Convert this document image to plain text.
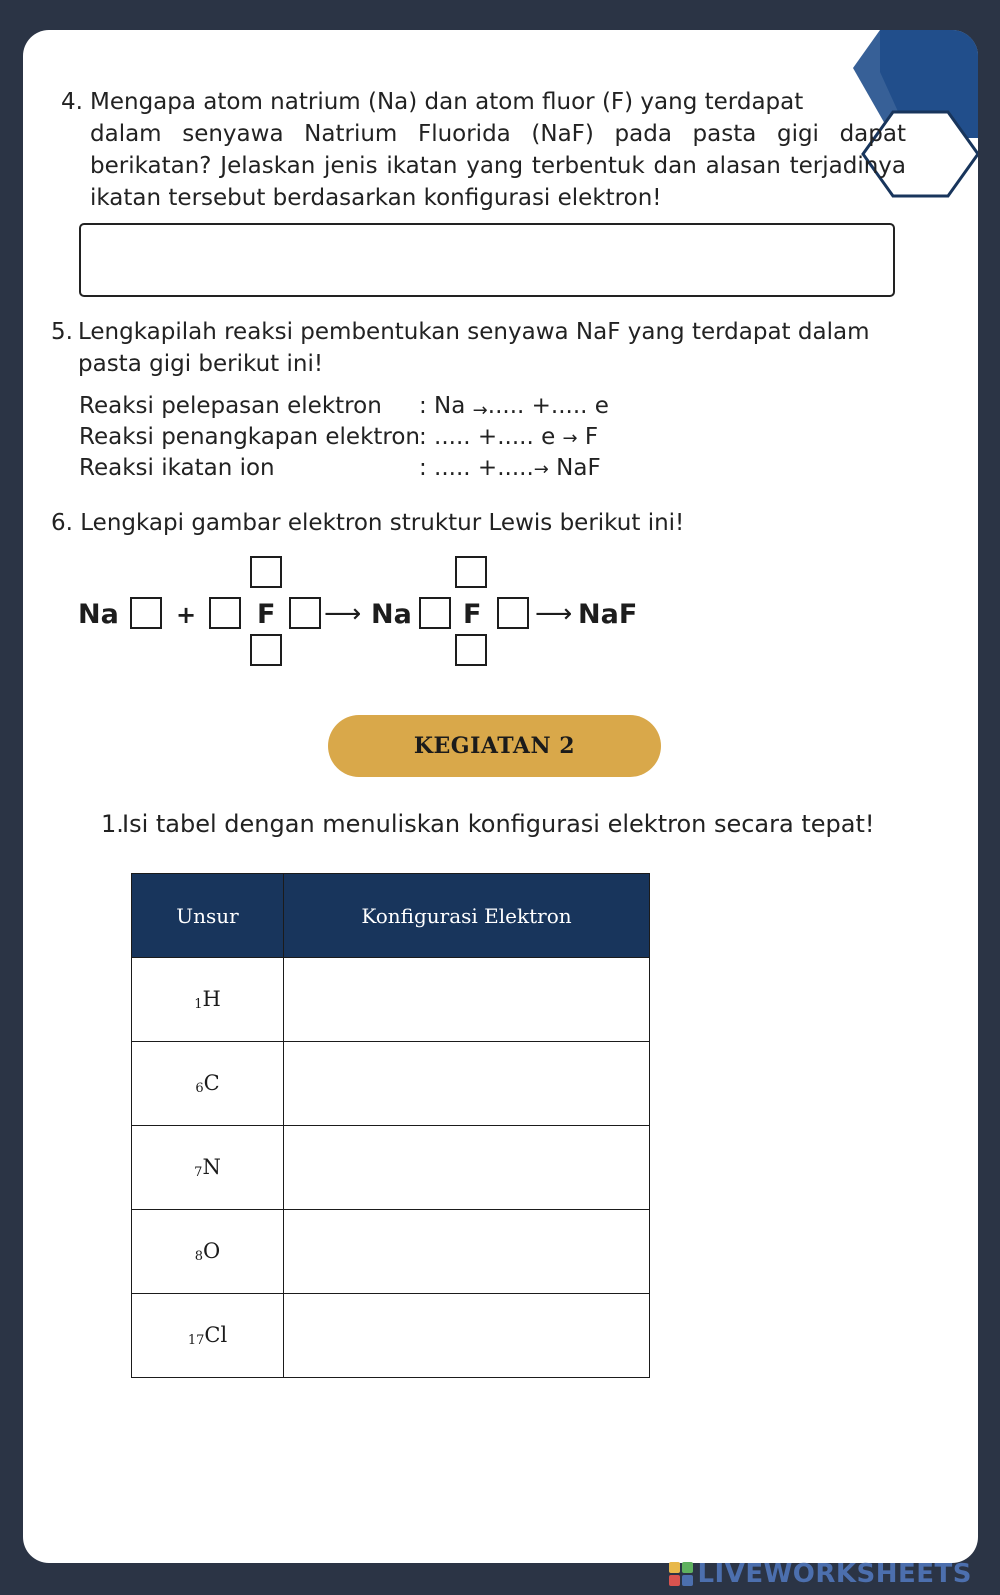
4. Mengapa atom natrium (Na) dan atom fluor (F) yang terdapat
dalam senyawa Natrium Fluorida (NaF) pada pasta gigi dapat berikatan? Jelaskan jenis ikatan yang terbentuk dan alasan terjadinya ikatan tersebut berdasarkan konfigurasi elektron!
5. Lengkapilah reaksi pembentukan senyawa NaF yang terdapat dalam pasta gigi berikut ini!
Reaksi pelepasan elektron : Na →..... +..... e
Reaksi penangkapan elektron: ..... +..... e → F
Reaksi ikatan ion	: ..... +.....→ NaF
6. Lengkapi gambar elektron struktur Lewis berikut ini!
Na + F ⟶ Na F ⟶ NaF
KEGIATAN 2
1.Isi tabel dengan menuliskan konfigurasi elektron secara tepat!
Unsur	Konfigurasi Elektron
$_1$H	
$_6$C	
$_7$N	
$_8$O	
$_{17}$Cl	
LIVEWORKSHEETS
